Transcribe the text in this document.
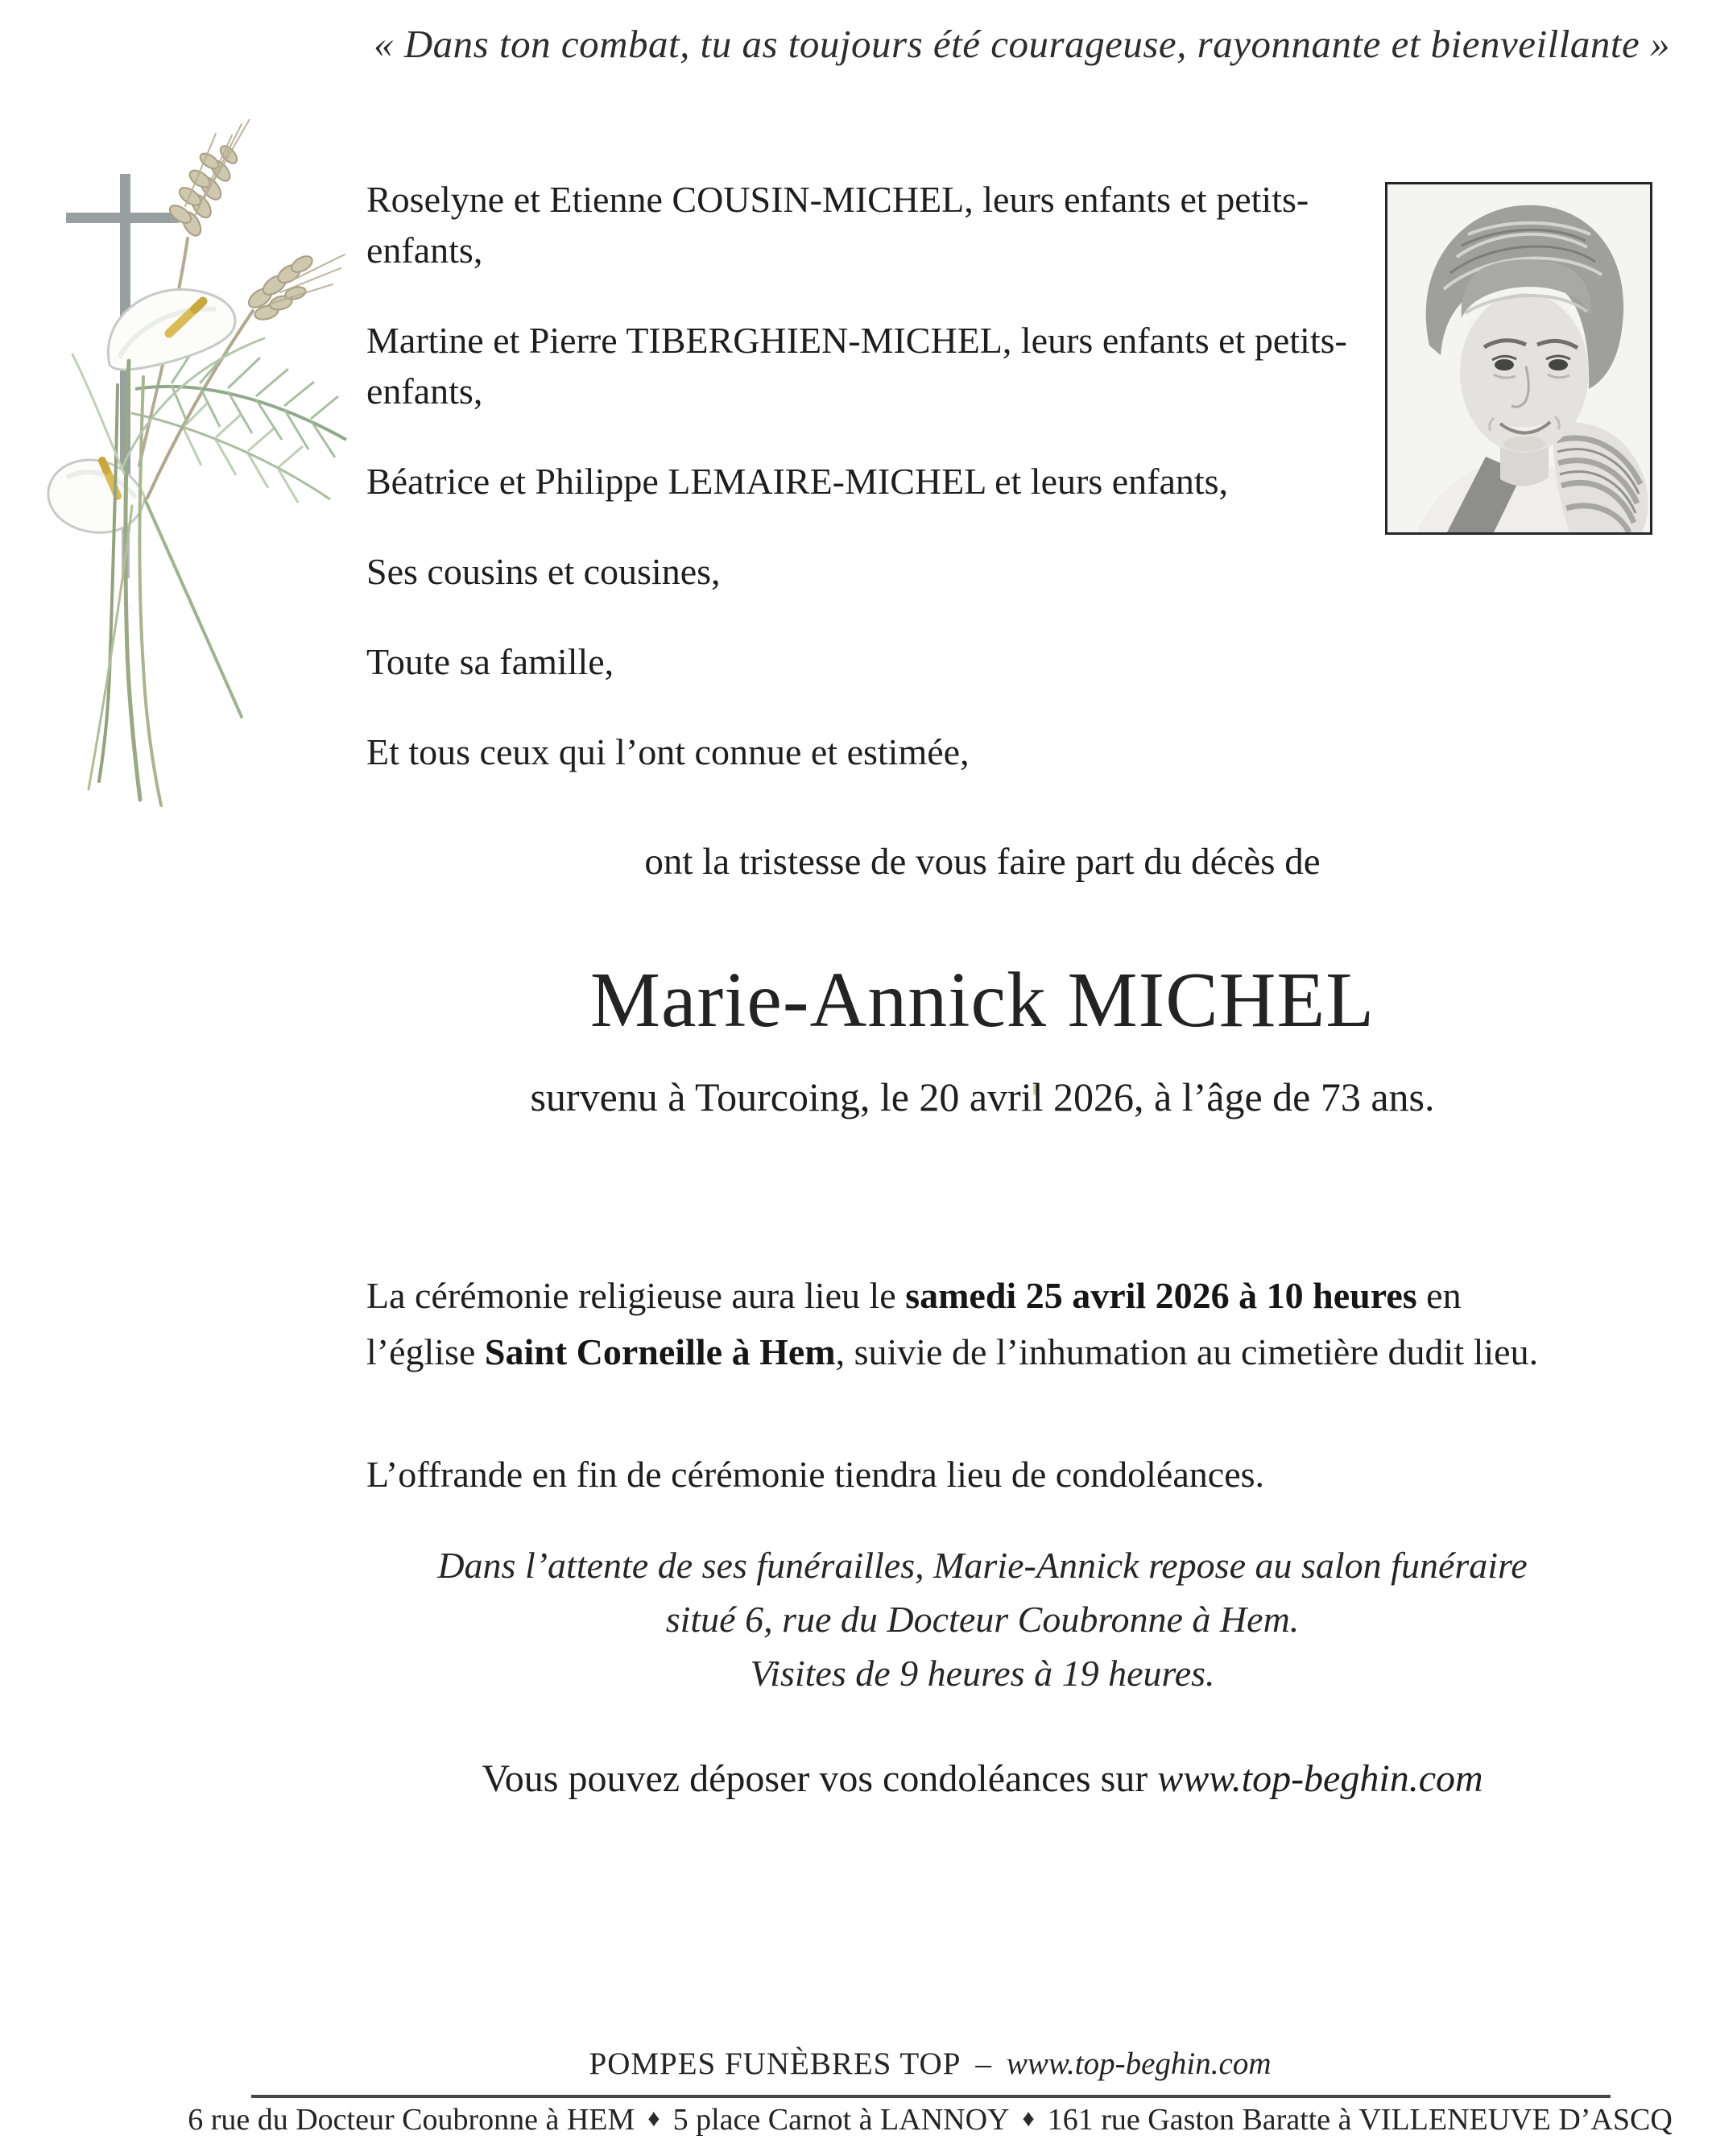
« Dans ton combat, tu as toujours été courageuse, rayonnante et bienveillante »

Roselyne et Etienne COUSIN-MICHEL, leurs enfants et petits-enfants,

Martine et Pierre TIBERGHIEN-MICHEL, leurs enfants et petits-enfants,

Béatrice et Philippe LEMAIRE-MICHEL et leurs enfants,

Ses cousins et cousines,

Toute sa famille,

Et tous ceux qui l’ont connue et estimée,

ont la tristesse de vous faire part du décès de
Marie-Annick MICHEL
survenu à Tourcoing, le 20 avril 2026, à l’âge de 73 ans.

La cérémonie religieuse aura lieu le samedi 25 avril 2026 à 10 heures en l’église Saint Corneille à Hem, suivie de l’inhumation au cimetière dudit lieu.

L’offrande en fin de cérémonie tiendra lieu de condoléances.

Dans l’attente de ses funérailles, Marie-Annick repose au salon funéraire
situé 6, rue du Docteur Coubronne à Hem.
Visites de 9 heures à 19 heures.
Vous pouvez déposer vos condoléances sur www.top-beghin.com
POMPES FUNÈBRES TOP – www.top-beghin.com
6 rue du Docteur Coubronne à HEM ♦ 5 place Carnot à LANNOY ♦ 161 rue Gaston Baratte à VILLENEUVE D’ASCQ
